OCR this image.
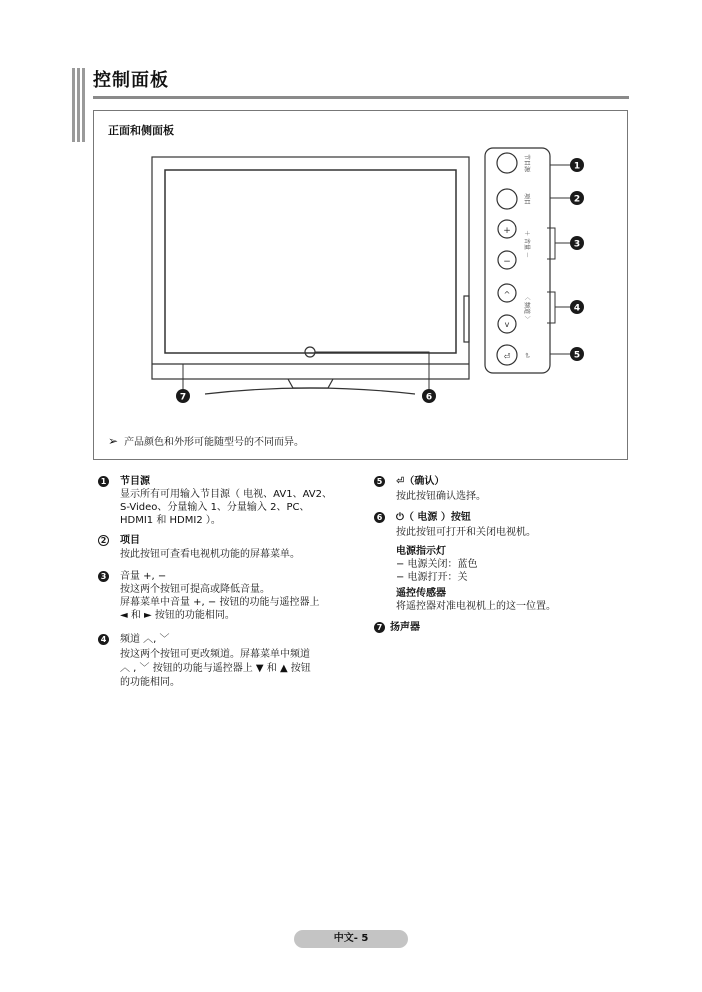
控制面板
正面和侧面板
+
−
^
v
⏎
节目源
项目
＋ 音量 －
〈 频道 〉
⏎
1
2
3
4
5
6
7
➢ 产品颜色和外形可能随型号的不同而异。
1 节目源
显示所有可用输入节目源（ 电视、AV1、AV2、
S-Video、分量输入 1、分量输入 2、PC、
HDMI1 和 HDMI2 ）。
2 项目
按此按钮可查看电视机功能的屏幕菜单。
3 音量 +, −
按这两个按钮可提高或降低音量。
屏幕菜单中音量 +, − 按钮的功能与遥控器上
◄ 和 ► 按钮的功能相同。
4 频道 ︿, ﹀
按这两个按钮可更改频道。屏幕菜单中频道
︿ , ﹀ 按钮的功能与遥控器上 ▼ 和 ▲ 按钮
的功能相同。
5 ⏎（确认）
按此按钮确认选择。
6 ⏻（ 电源 ）按钮
按此按钮可打开和关闭电视机。
电源指示灯
− 电源关闭：蓝色
− 电源打开：关
遥控传感器
将遥控器对准电视机上的这一位置。
7 扬声器
中文- 5
